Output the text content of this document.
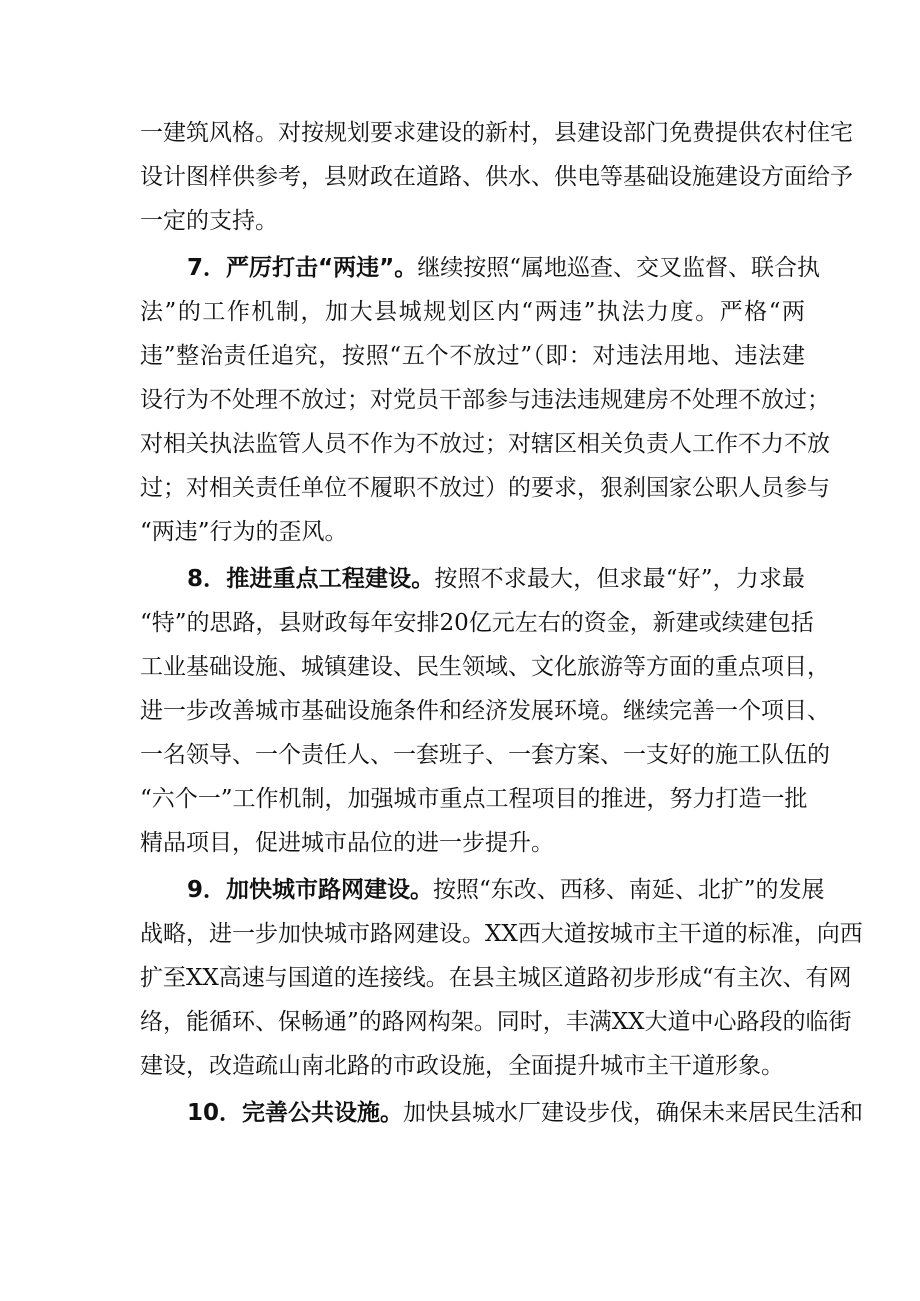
一建筑风格。对按规划要求建设的新村，县建设部门免费提供农村住宅
设计图样供参考，县财政在道路、供水、供电等基础设施建设方面给予
一定的支持。
7．严厉打击“两违”。继续按照“属地巡查、交叉监督、联合执
法”的工作机制，加大县城规划区内“两违”执法力度。严格“两
违”整治责任追究，按照“五个不放过”（即：对违法用地、违法建
设行为不处理不放过；对党员干部参与违法违规建房不处理不放过；
对相关执法监管人员不作为不放过；对辖区相关负责人工作不力不放
过；对相关责任单位不履职不放过）的要求，狠刹国家公职人员参与
“两违”行为的歪风。
8．推进重点工程建设。按照不求最大，但求最“好”，力求最
“特”的思路，县财政每年安排20亿元左右的资金，新建或续建包括
工业基础设施、城镇建设、民生领域、文化旅游等方面的重点项目，
进一步改善城市基础设施条件和经济发展环境。继续完善一个项目、
一名领导、一个责任人、一套班子、一套方案、一支好的施工队伍的
“六个一”工作机制，加强城市重点工程项目的推进，努力打造一批
精品项目，促进城市品位的进一步提升。
9．加快城市路网建设。按照“东改、西移、南延、北扩”的发展
战略，进一步加快城市路网建设。XX西大道按城市主干道的标准，向西
扩至XX高速与国道的连接线。在县主城区道路初步形成“有主次、有网
络，能循环、保畅通”的路网构架。同时，丰满XX大道中心路段的临街
建设，改造疏山南北路的市政设施，全面提升城市主干道形象。
10．完善公共设施。加快县城水厂建设步伐，确保未来居民生活和
